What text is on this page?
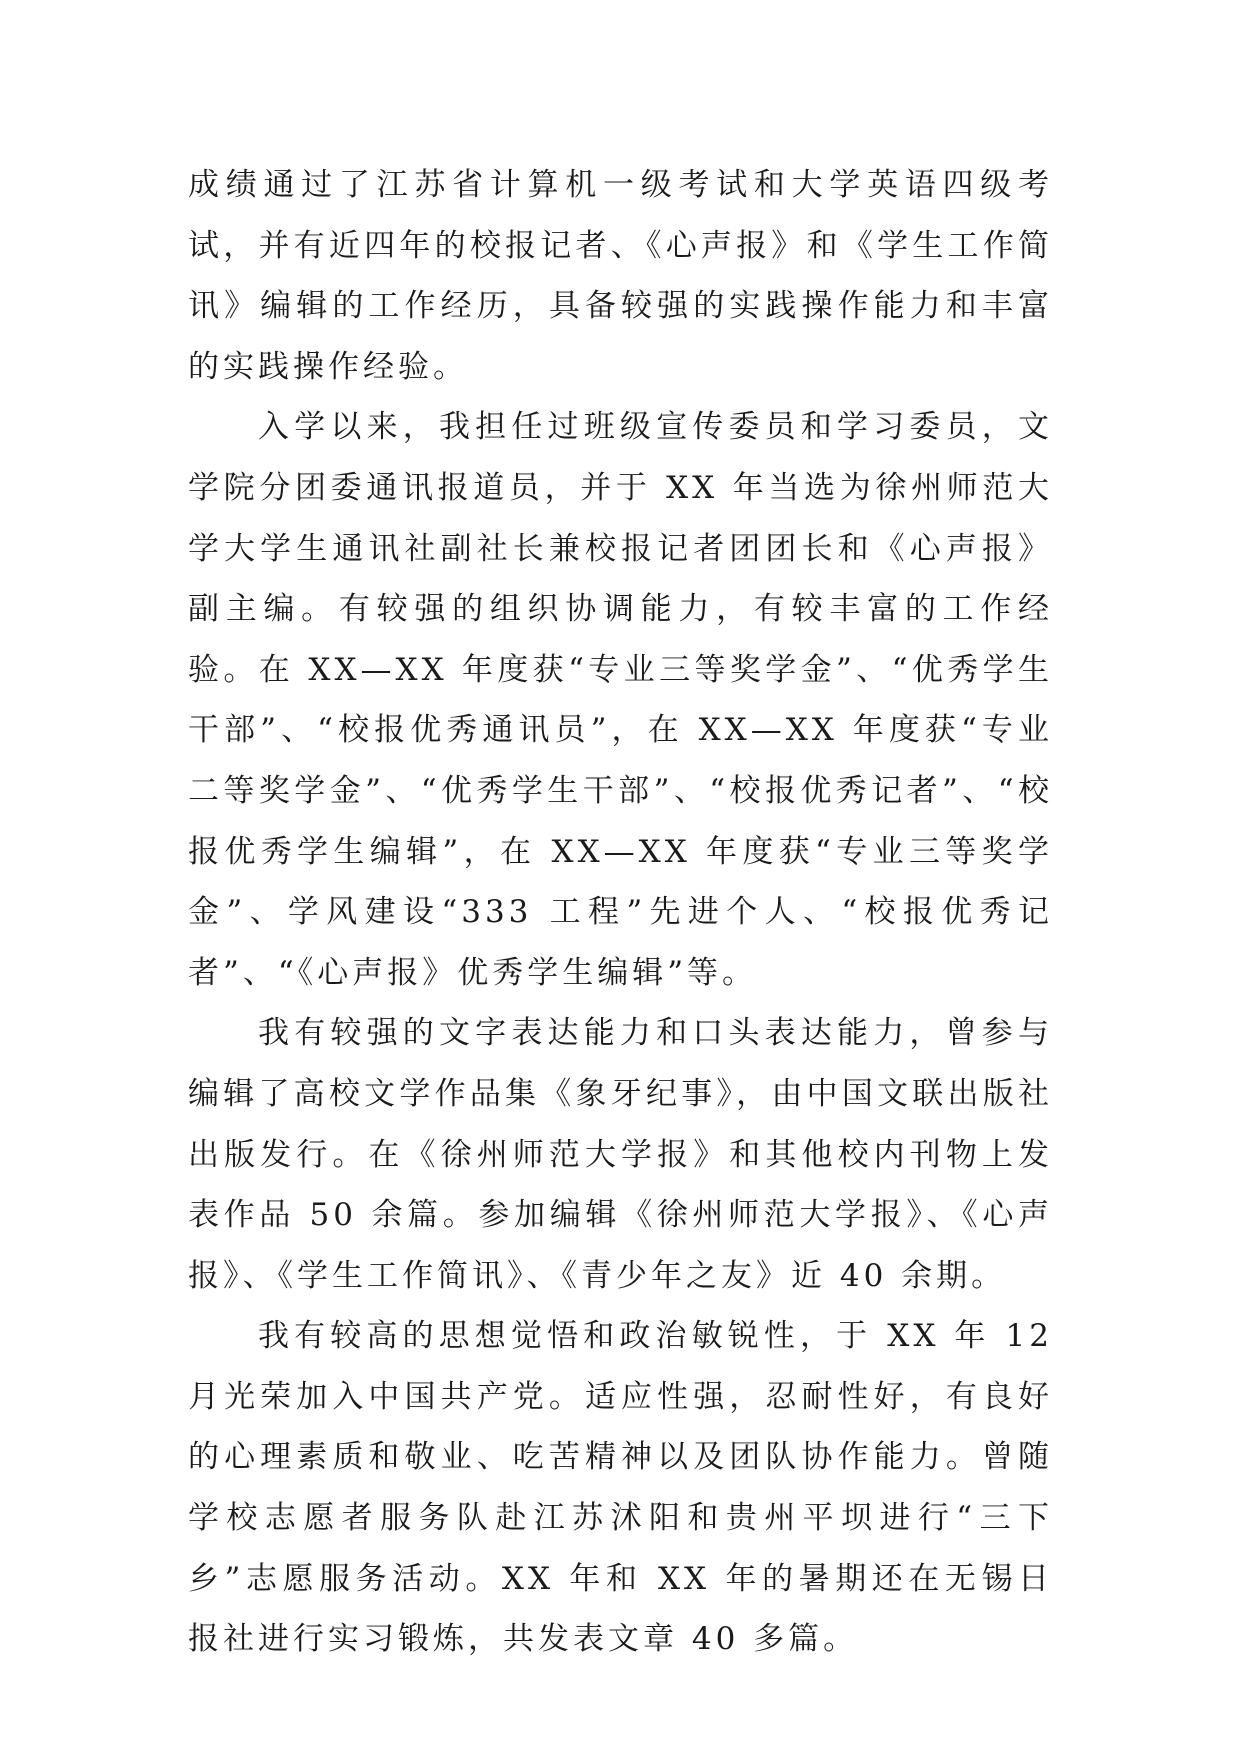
成绩通过了江苏省计算机一级考试和大学英语四级考试，并有近四年的校报记者、《心声报》和《学生工作简讯》编辑的工作经历，具备较强的实践操作能力和丰富的实践操作经验。

入学以来，我担任过班级宣传委员和学习委员，文学院分团委通讯报道员，并于 XX 年当选为徐州师范大学大学生通讯社副社长兼校报记者团团长和《心声报》副主编。有较强的组织协调能力，有较丰富的工作经验。在 XX—XX 年度获“专业三等奖学金”、“优秀学生干部”、“校报优秀通讯员”，在 XX—XX 年度获“专业二等奖学金”、“优秀学生干部”、“校报优秀记者”、“校报优秀学生编辑”，在 XX—XX 年度获“专业三等奖学金”、学风建设“333 工程”先进个人、“校报优秀记者”、“《心声报》优秀学生编辑”等。

我有较强的文字表达能力和口头表达能力，曾参与编辑了高校文学作品集《象牙纪事》，由中国文联出版社出版发行。在《徐州师范大学报》和其他校内刊物上发表作品 50 余篇。参加编辑《徐州师范大学报》、《心声报》、《学生工作简讯》、《青少年之友》近 40 余期。

我有较高的思想觉悟和政治敏锐性，于 XX 年 12 月光荣加入中国共产党。适应性强，忍耐性好，有良好的心理素质和敬业、吃苦精神以及团队协作能力。曾随学校志愿者服务队赴江苏沭阳和贵州平坝进行“三下乡”志愿服务活动。XX 年和 XX 年的暑期还在无锡日报社进行实习锻炼，共发表文章 40 多篇。
